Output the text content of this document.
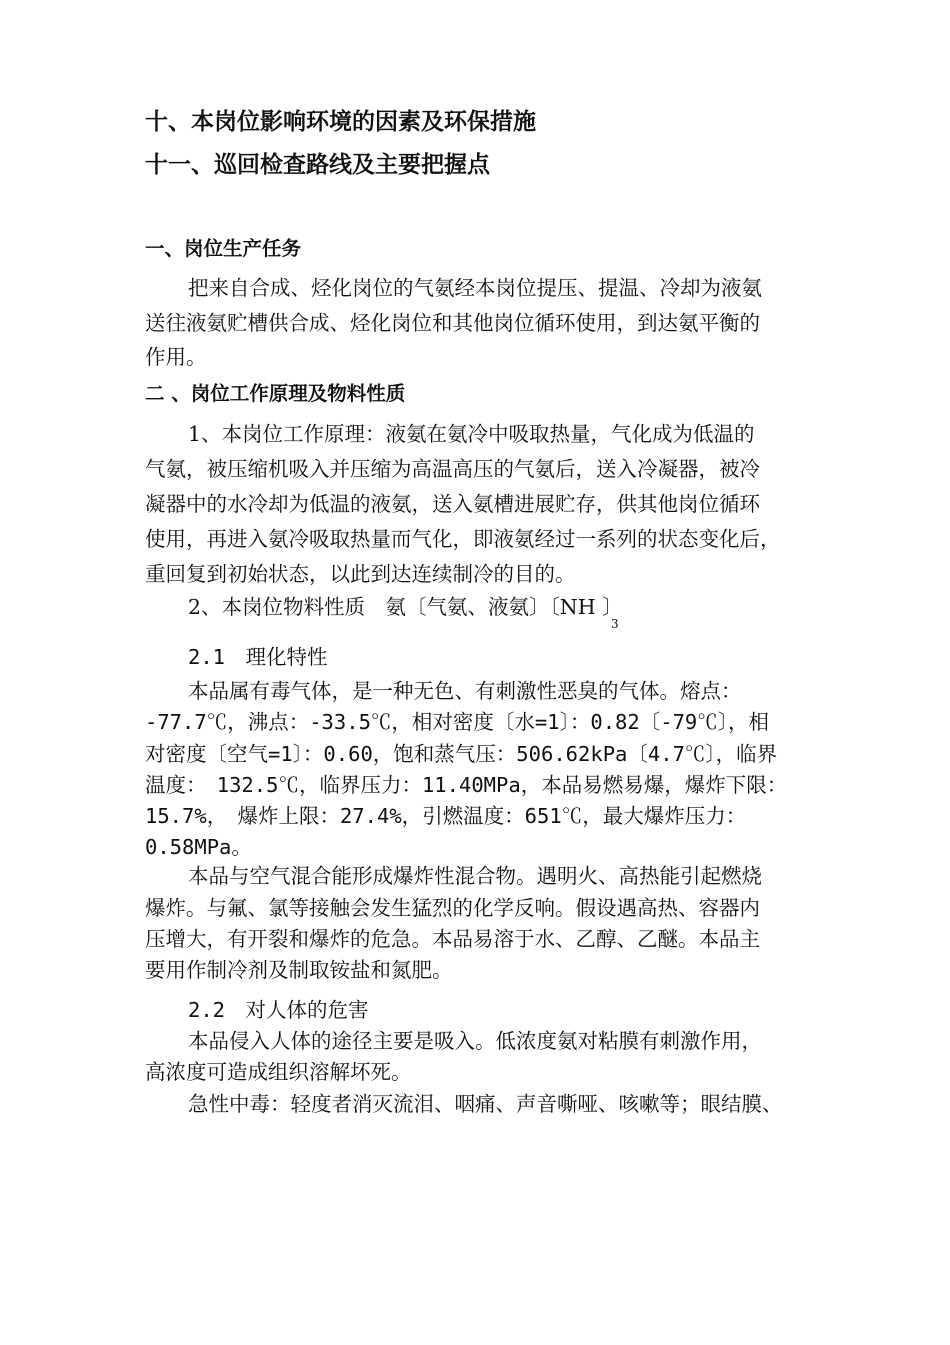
十、本岗位影响环境的因素及环保措施
十一、巡回检查路线及主要把握点
一、岗位生产任务
把来自合成、烃化岗位的气氨经本岗位提压、提温、冷却为液氨
送往液氨贮槽供合成、烃化岗位和其他岗位循环使用，到达氨平衡的
作用。
二 、岗位工作原理及物料性质
1、本岗位工作原理：液氨在氨冷中吸取热量，气化成为低温的
气氨，被压缩机吸入并压缩为高温高压的气氨后，送入冷凝器，被冷
凝器中的水冷却为低温的液氨，送入氨槽进展贮存，供其他岗位循环
使用，再进入氨冷吸取热量而气化，即液氨经过一系列的状态变化后，
重回复到初始状态，以此到达连续制冷的目的。
2、本岗位物料性质　氨〔气氨、液氨〕〔NH 〕
3
2.1　理化特性
本品属有毒气体，是一种无色、有刺激性恶臭的气体。熔点：
-77.7℃，沸点：-33.5℃，相对密度〔水=1〕：0.82〔-79℃〕，相
对密度〔空气=1〕：0.60，饱和蒸气压：506.62kPa〔4.7℃〕，临界
温度：　132.5℃，临界压力：11.40MPa，本品易燃易爆，爆炸下限：
15.7%，　爆炸上限：27.4%，引燃温度：651℃，最大爆炸压力：
0.58MPa。
本品与空气混合能形成爆炸性混合物。遇明火、高热能引起燃烧
爆炸。与氟、氯等接触会发生猛烈的化学反响。假设遇高热、容器内
压增大，有开裂和爆炸的危急。本品易溶于水、乙醇、乙醚。本品主
要用作制冷剂及制取铵盐和氮肥。
2.2　对人体的危害
本品侵入人体的途径主要是吸入。低浓度氨对粘膜有刺激作用，
高浓度可造成组织溶解坏死。
急性中毒：轻度者消灭流泪、咽痛、声音嘶哑、咳嗽等；眼结膜、
